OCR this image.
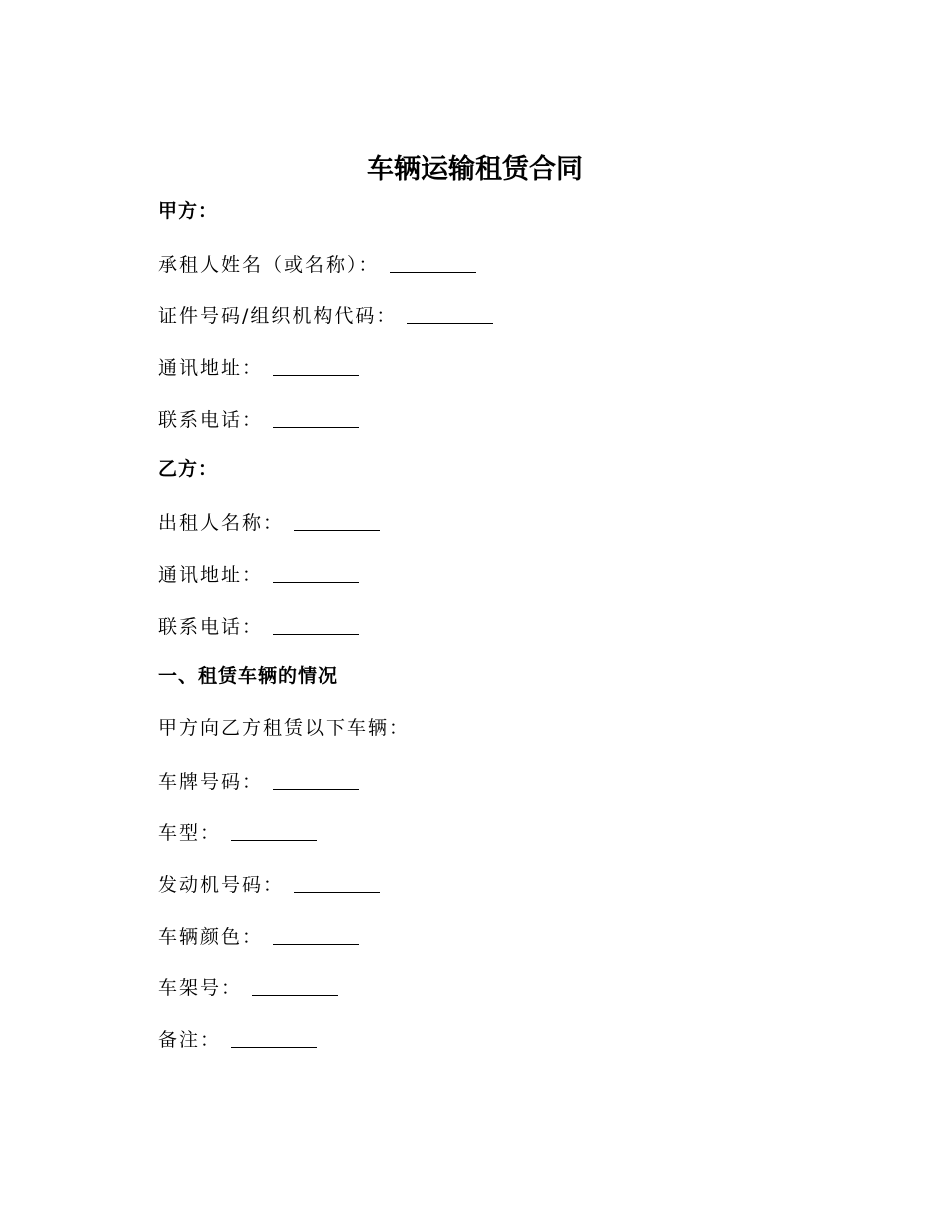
车辆运输租赁合同
甲方：
承租人姓名（或名称）：
证件号码/组织机构代码：
通讯地址：
联系电话：
乙方：
出租人名称：
通讯地址：
联系电话：
一、租赁车辆的情况
甲方向乙方租赁以下车辆：
车牌号码：
车型：
发动机号码：
车辆颜色：
车架号：
备注：
